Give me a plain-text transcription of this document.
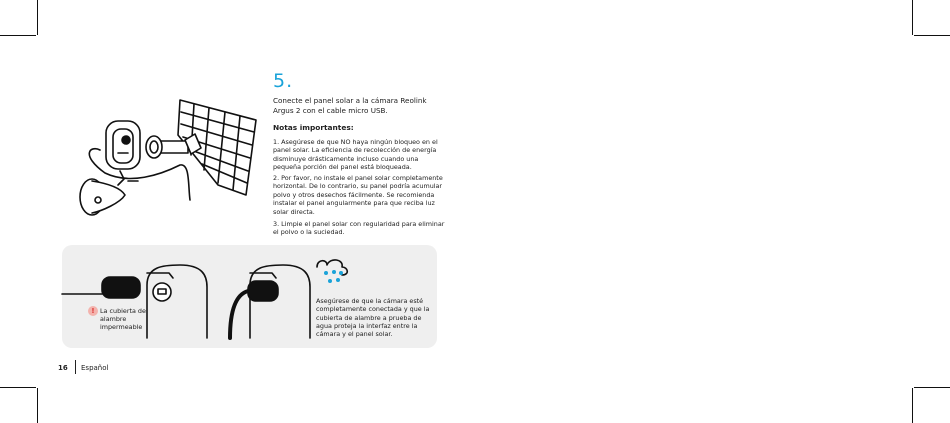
5.
Conecte el panel solar a la cámara Reolink Argus 2 con el cable micro USB.
Notas importantes:
1. Asegúrese de que NO haya ningún bloqueo en el panel solar. La eficiencia de recolección de energía disminuye drásticamente incluso cuando una pequeña porción del panel está bloqueada.
2. Por favor, no instale el panel solar completamente horizontal. De lo contrario, su panel podría acumular polvo y otros desechos fácilmente. Se recomienda instalar el panel angularmente para que reciba luz solar directa.
3. Limpie el panel solar con regularidad para eliminar el polvo o la suciedad.
! La cubierta de alambre impermeable
Asegúrese de que la cámara esté completamente conectada y que la cubierta de alambre a prueba de agua proteja la interfaz entre la cámara y el panel solar.
16 Español
